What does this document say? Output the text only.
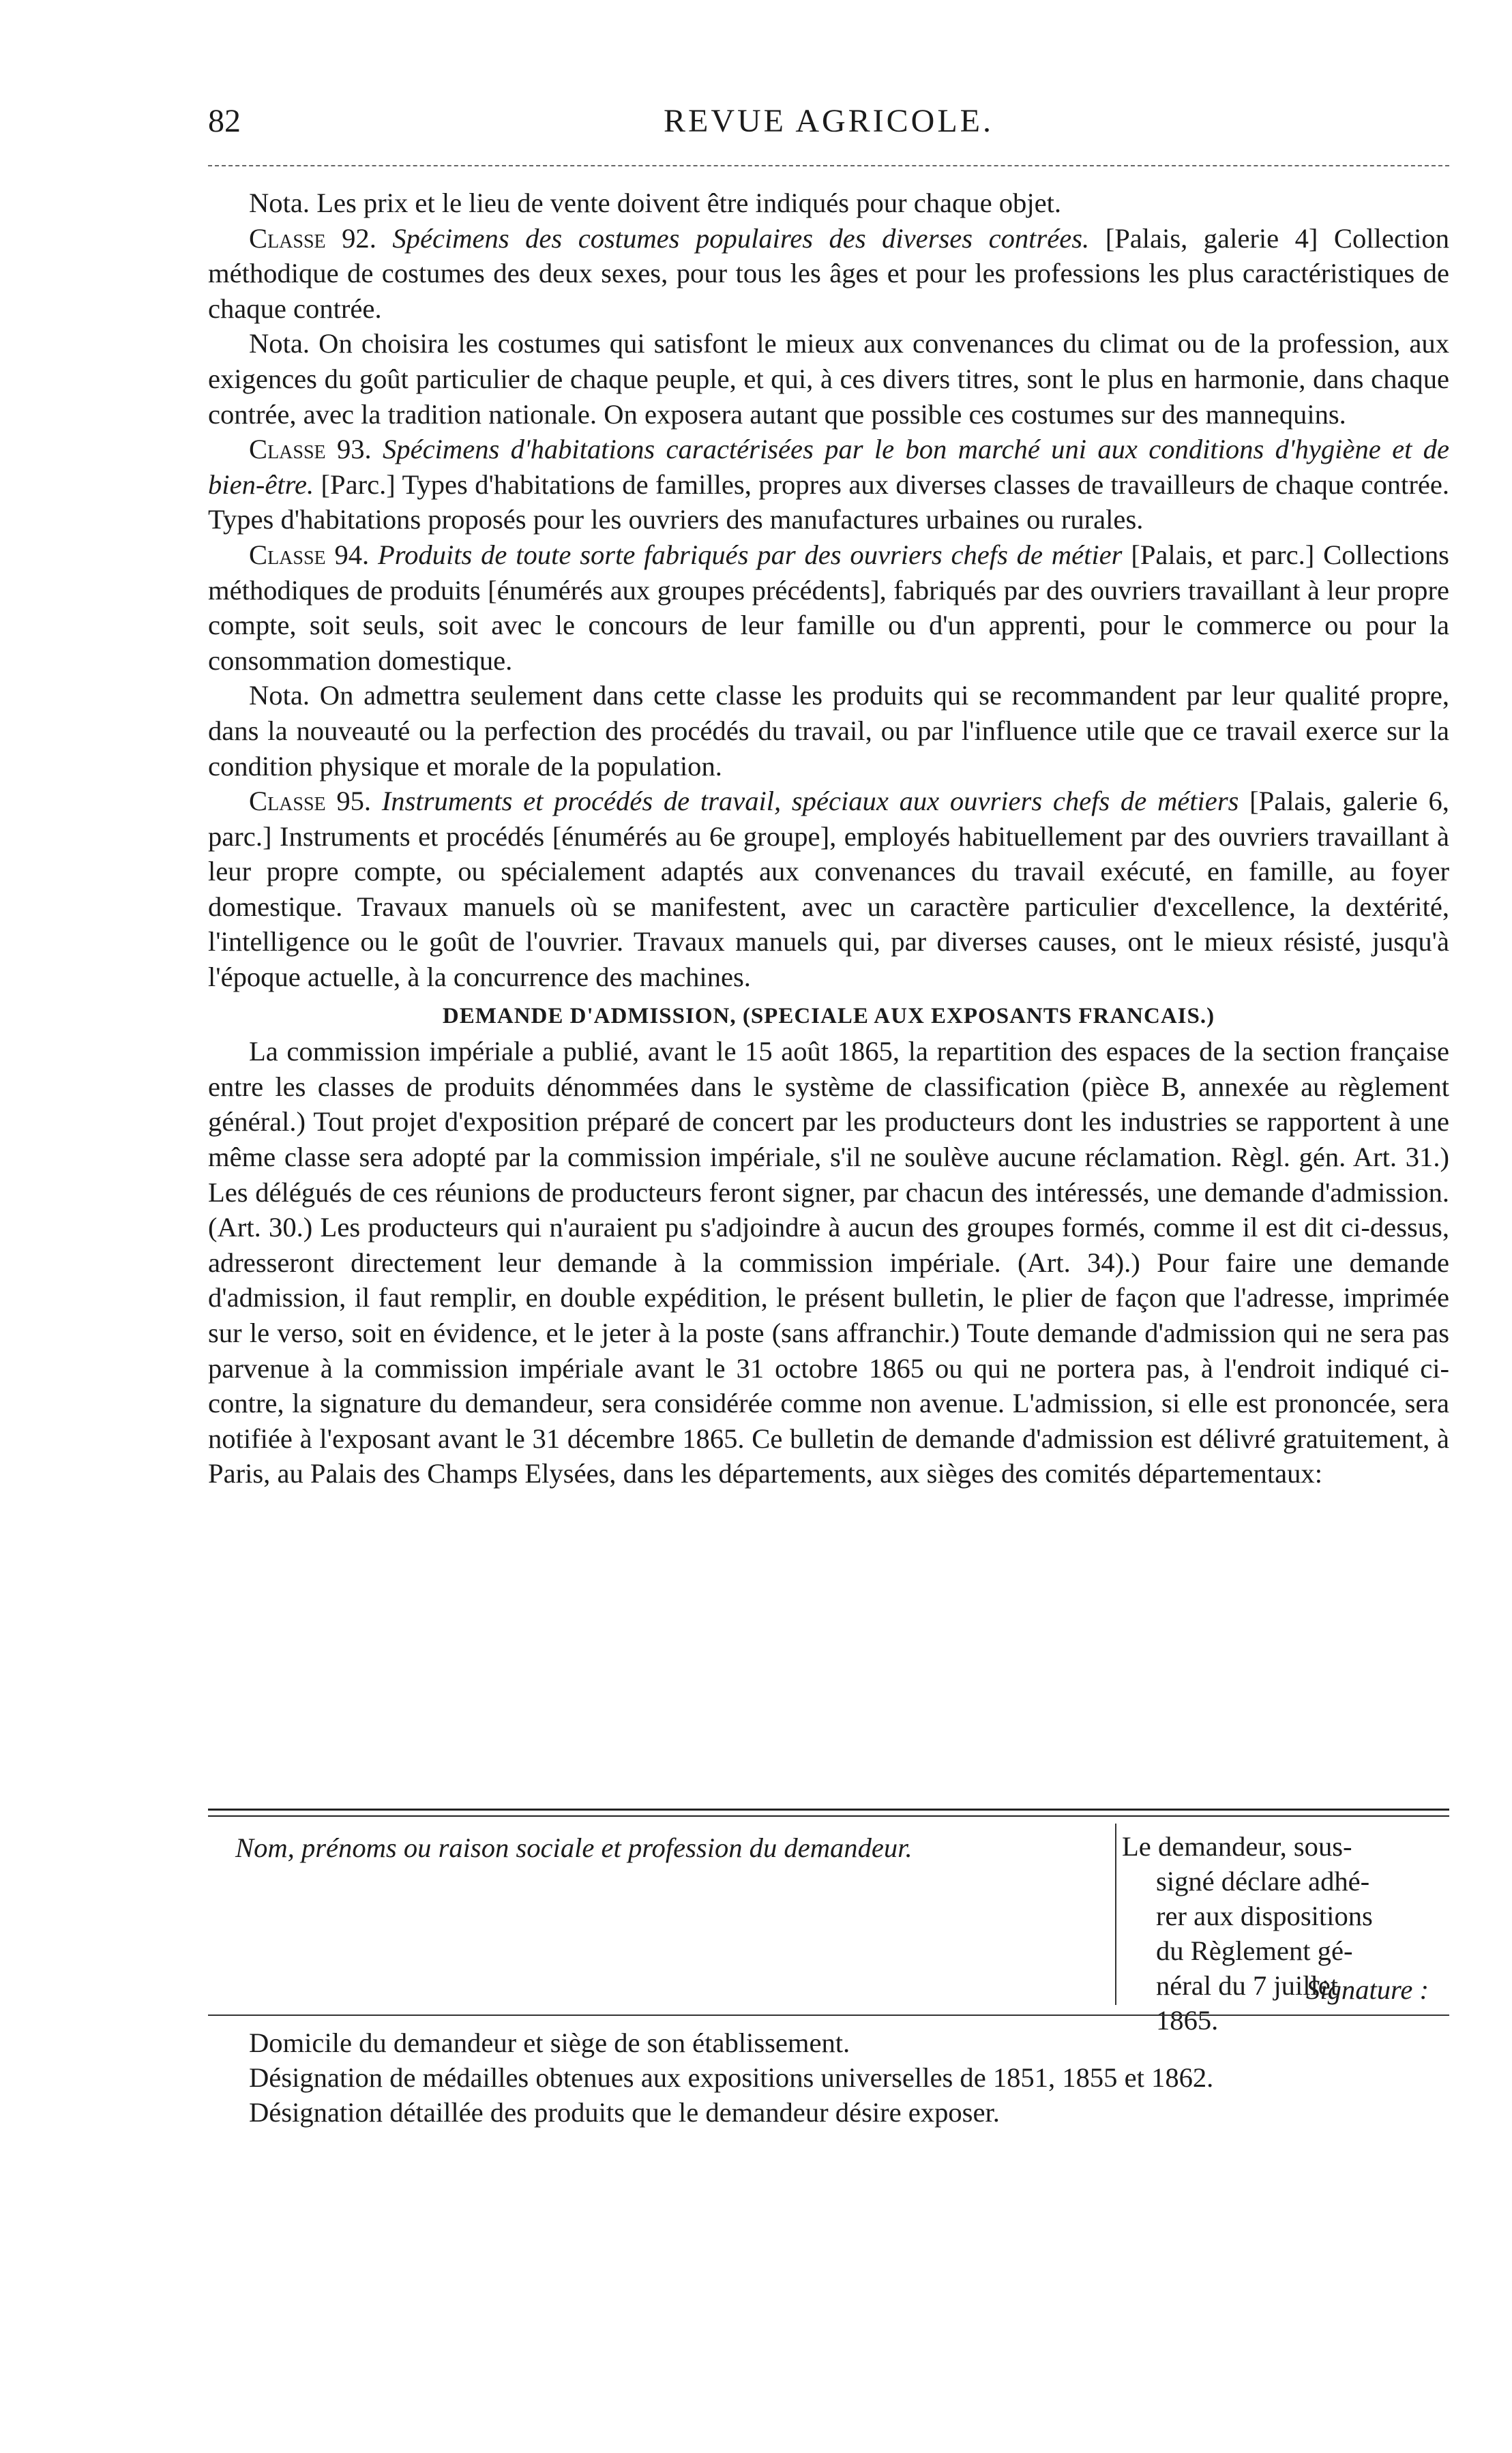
82	REVUE AGRICOLE.

Nota. Les prix et le lieu de vente doivent être indiqués pour chaque objet.

Classe 92. Spécimens des costumes populaires des diverses contrées. [Palais, galerie 4] Collection méthodique de costumes des deux sexes, pour tous les âges et pour les professions les plus caractéristiques de chaque contrée.

Nota. On choisira les costumes qui satisfont le mieux aux convenances du climat ou de la profession, aux exigences du goût particulier de chaque peuple, et qui, à ces divers titres, sont le plus en harmonie, dans chaque contrée, avec la tradition nationale. On exposera autant que possible ces costumes sur des mannequins.

Classe 93. Spécimens d'habitations caractérisées par le bon marché uni aux conditions d'hygiène et de bien-être. [Parc.] Types d'habitations de familles, propres aux diverses classes de travailleurs de chaque contrée. Types d'habitations proposés pour les ouvriers des manufactures urbaines ou rurales.

Classe 94. Produits de toute sorte fabriqués par des ouvriers chefs de métier [Palais, et parc.] Collections méthodiques de produits [énumérés aux groupes précédents], fabriqués par des ouvriers travaillant à leur propre compte, soit seuls, soit avec le concours de leur famille ou d'un apprenti, pour le commerce ou pour la consommation domestique.

Nota. On admettra seulement dans cette classe les produits qui se recommandent par leur qualité propre, dans la nouveauté ou la perfection des procédés du travail, ou par l'influence utile que ce travail exerce sur la condition physique et morale de la population.

Classe 95. Instruments et procédés de travail, spéciaux aux ouvriers chefs de métiers [Palais, galerie 6, parc.] Instruments et procédés [énumérés au 6e groupe], employés habituellement par des ouvriers travaillant à leur propre compte, ou spécialement adaptés aux convenances du travail exécuté, en famille, au foyer domestique. Travaux manuels où se manifestent, avec un caractère particulier d'excellence, la dextérité, l'intelligence ou le goût de l'ouvrier. Travaux manuels qui, par diverses causes, ont le mieux résisté, jusqu'à l'époque actuelle, à la concurrence des machines.

DEMANDE D'ADMISSION, (SPECIALE AUX EXPOSANTS FRANCAIS.)

La commission impériale a publié, avant le 15 août 1865, la repartition des espaces de la section française entre les classes de produits dénommées dans le système de classification (pièce B, annexée au règlement général.) Tout projet d'exposition préparé de concert par les producteurs dont les industries se rapportent à une même classe sera adopté par la commission impériale, s'il ne soulève aucune réclamation. Règl. gén. Art. 31.) Les délégués de ces réunions de producteurs feront signer, par chacun des intéressés, une demande d'admission. (Art. 30.) Les producteurs qui n'auraient pu s'adjoindre à aucun des groupes formés, comme il est dit ci-dessus, adresseront directement leur demande à la commission impériale. (Art. 34).) Pour faire une demande d'admission, il faut remplir, en double expédition, le présent bulletin, le plier de façon que l'adresse, imprimée sur le verso, soit en évidence, et le jeter à la poste (sans affranchir.) Toute demande d'admission qui ne sera pas parvenue à la commission impériale avant le 31 octobre 1865 ou qui ne portera pas, à l'endroit indiqué ci-contre, la signature du demandeur, sera considérée comme non avenue. L'admission, si elle est prononcée, sera notifiée à l'exposant avant le 31 décembre 1865. Ce bulletin de demande d'admission est délivré gratuitement, à Paris, au Palais des Champs Elysées, dans les départements, aux sièges des comités départementaux:

Nom, prénoms ou raison sociale et profession du demandeur.	Le demandeur, sous-

signé déclare adhé-

rer aux dispositions

du Règlement gé-

néral du 7 juillet

1865.

Signature :
Domicile du demandeur et siège de son établissement.
Désignation de médailles obtenues aux expositions universelles de 1851, 1855 et 1862.
Désignation détaillée des produits que le demandeur désire exposer.
